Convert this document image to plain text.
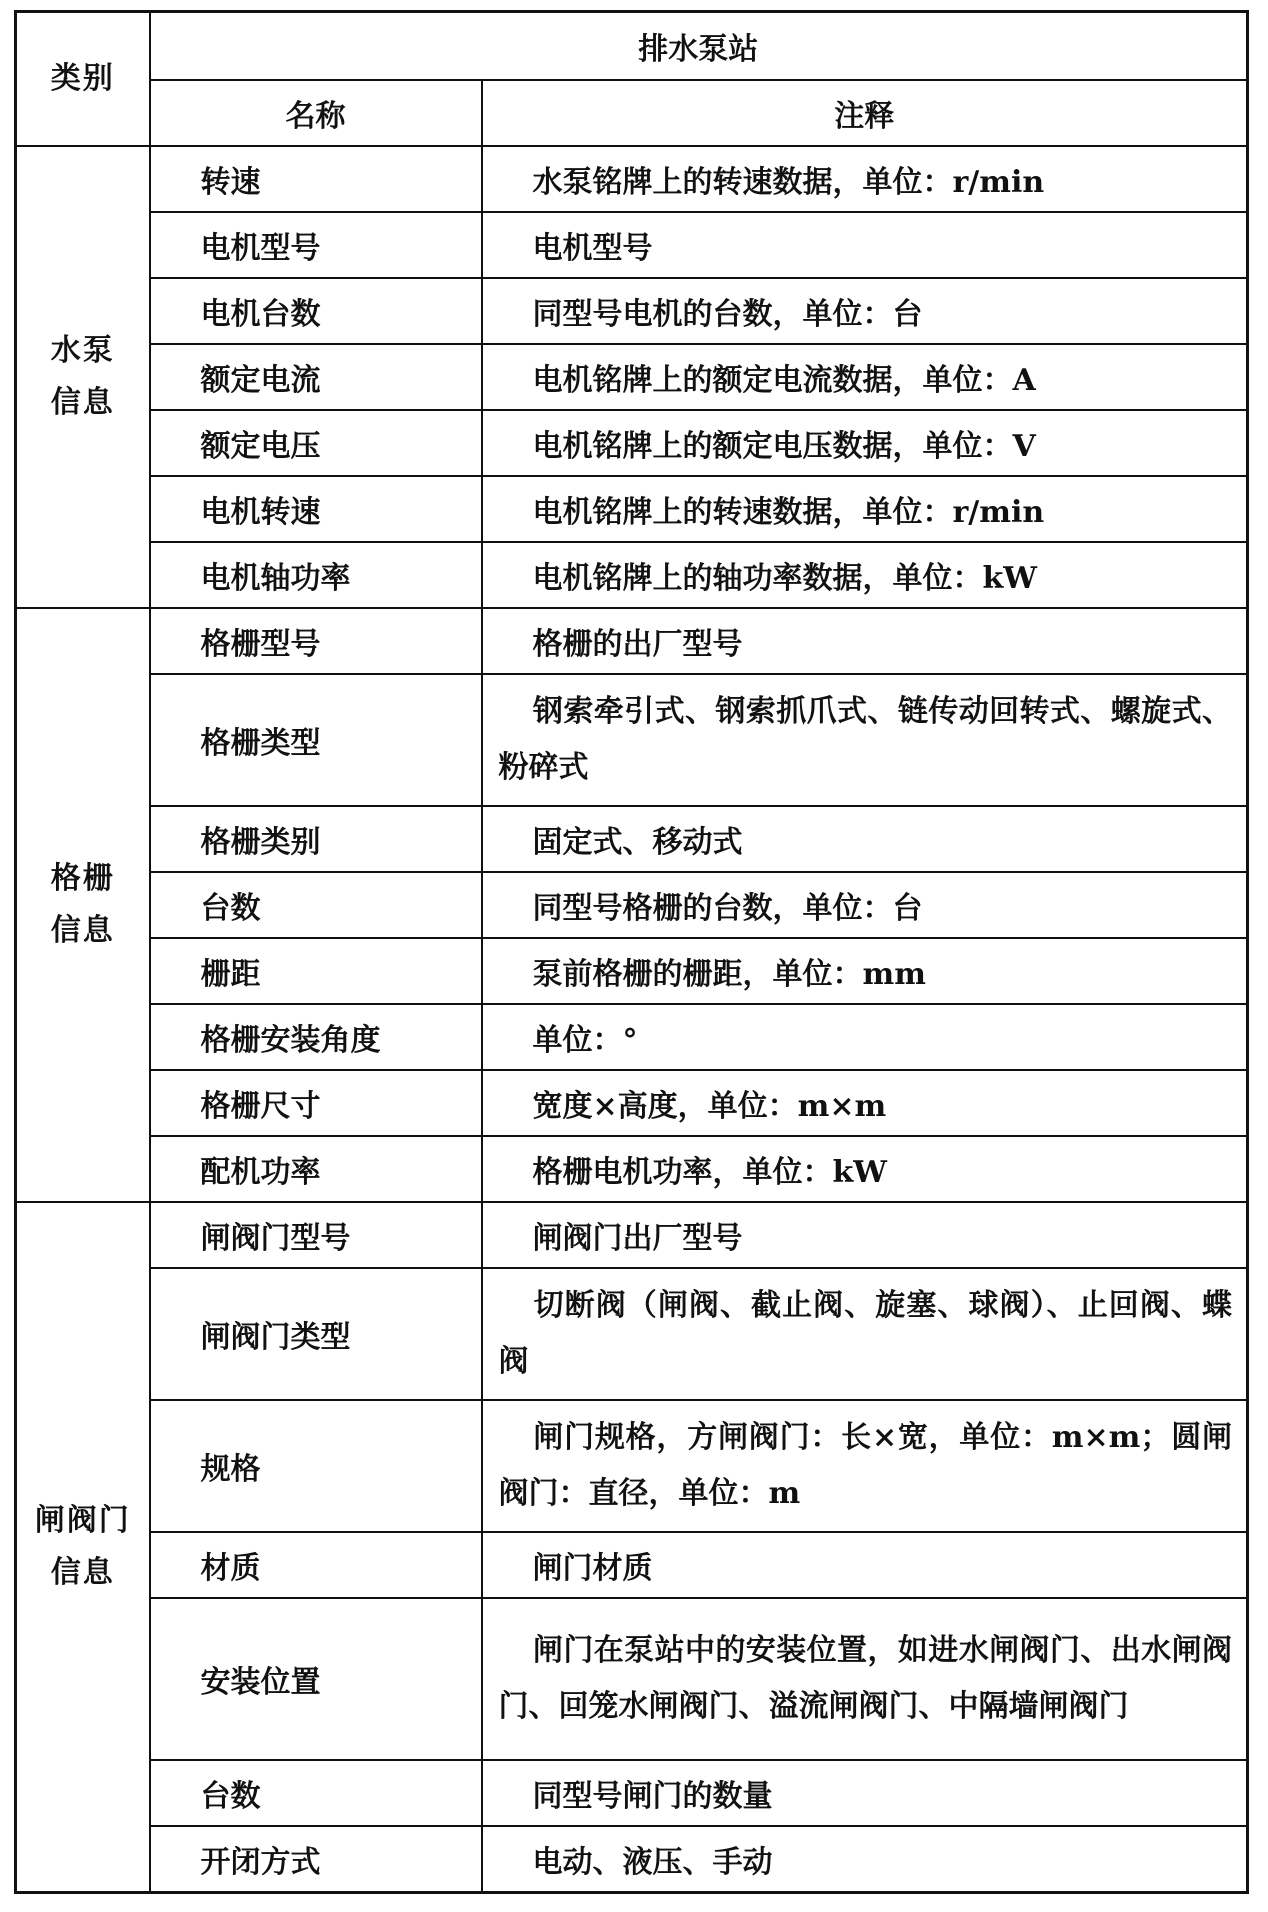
类别	排水泵站	
	名称	注释

水泵
信息	转速	水泵铭牌上的转速数据，单位：r/min
	电机型号	电机型号
	电机台数	同型号电机的台数，单位：台
	额定电流	电机铭牌上的额定电流数据，单位：A
	额定电压	电机铭牌上的额定电压数据，单位：V
	电机转速	电机铭牌上的转速数据，单位：r/min
	电机轴功率	电机铭牌上的轴功率数据，单位：kW

格栅
信息	格栅型号	格栅的出厂型号
	格栅类型	钢索牵引式、钢索抓爪式、链传动回转式、螺旋式、粉碎式
	格栅类别	固定式、移动式
	台数	同型号格栅的台数，单位：台
	栅距	泵前格栅的栅距，单位：mm
	格栅安装角度	单位：°
	格栅尺寸	宽度×高度，单位：m×m
	配机功率	格栅电机功率，单位：kW

闸阀门
信息	闸阀门型号	闸阀门出厂型号
	闸阀门类型	切断阀（闸阀、截止阀、旋塞、球阀）、止回阀、蝶阀
	规格	闸门规格，方闸阀门：长×宽，单位：m×m；圆闸阀门：直径，单位：m
	材质	闸门材质
	安装位置	闸门在泵站中的安装位置，如进水闸阀门、出水闸阀门、回笼水闸阀门、溢流闸阀门、中隔墙闸阀门
	台数	同型号闸门的数量
	开闭方式	电动、液压、手动
